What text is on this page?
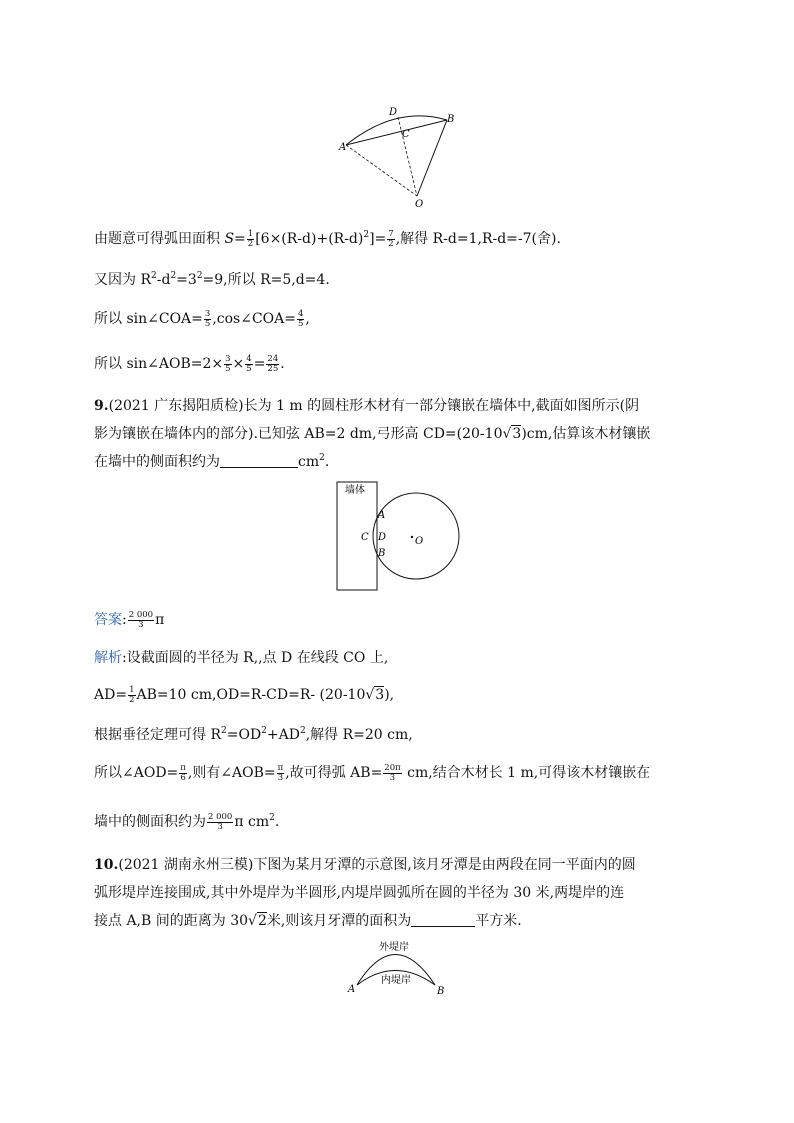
A
B
C
D
O
由题意可得弧田面积 $S= \frac{1}{2} [6\times(R-d)+(R-d)^2]= \frac{7}{2}$ ,解得 R-d=1,R-d=-7(舍).
又因为 $R^2-d^2=3^2=9$,所以 R=5,d=4.
所以 sin∠COA= $\frac{3}{5}$ ,cos∠COA= $\frac{4}{5}$ ,
所以 sin∠AOB=2× $\frac{3}{5} \times \frac{4}{5} = \frac{24}{25}$ .
9.(2021 广东揭阳质检)长为 1 m 的圆柱形木材有一部分镶嵌在墙体中,截面如图所示(阴
影为镶嵌在墙体内的部分).已知弦 AB=2 dm,弓形高 CD=(20-10√3)cm,估算该木材镶嵌
在墙中的侧面积约为	$cm^2$.
墙体
A
C D
B
O
答案: $\frac{2 000}{3}$ π
解析:设截面圆的半径为 R,,点 D 在线段 CO 上,
$AD= \frac{1}{2} AB=10$ cm,OD=R-CD=R- (20-10√3),
根据垂径定理可得 $R^2=OD^2+AD^2$,解得 R=20 cm,
所以∠AOD= $\frac{\pi}{6}$ ,则有∠AOB= $\frac{\pi}{3}$ ,故可得弧 $AB= \frac{20\pi}{3}$ cm,结合木材长 1 m,可得该木材镶嵌在
墙中的侧面积约为 $\frac{2 000}{3}$ π $cm^2$.
10.(2021 湖南永州三模)下图为某月牙潭的示意图,该月牙潭是由两段在同一平面内的圆
弧形堤岸连接围成,其中外堤岸为半圆形,内堤岸圆弧所在圆的半径为 30 米,两堤岸的连
接点 A,B 间的距离为 30√2米,则该月牙潭的面积为	平方米.
外堤岸
内堤岸
A	B
